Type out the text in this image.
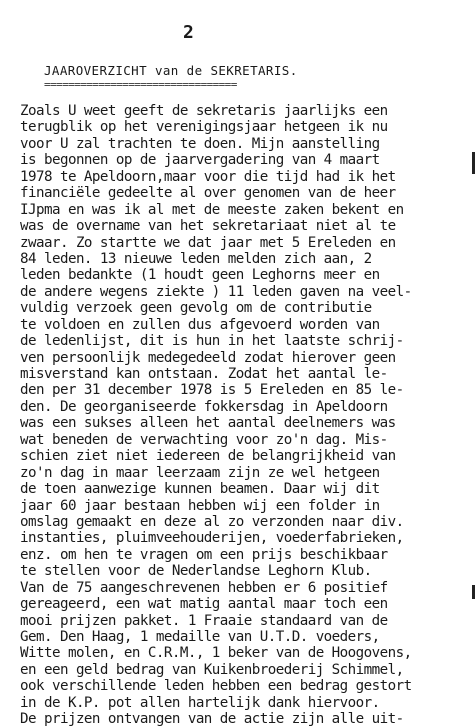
2
JAAROVERZICHT van de SEKRETARIS.
================================
Zoals U weet geeft de sekretaris jaarlijks een
terugblik op het verenigingsjaar hetgeen ik nu
voor U zal trachten te doen. Mijn aanstelling
is begonnen op de jaarvergadering van 4 maart
1978 te Apeldoorn,maar voor die tijd had ik het
financiële gedeelte al over genomen van de heer
IJpma en was ik al met de meeste zaken bekent en
was de overname van het sekretariaat niet al te
zwaar. Zo startte we dat jaar met 5 Ereleden en
84 leden. 13 nieuwe leden melden zich aan, 2
leden bedankte (1 houdt geen Leghorns meer en
de andere wegens ziekte ) 11 leden gaven na veel-
vuldig verzoek geen gevolg om de contributie
te voldoen en zullen dus afgevoerd worden van
de ledenlijst, dit is hun in het laatste schrij-
ven persoonlijk medegedeeld zodat hierover geen
misverstand kan ontstaan. Zodat het aantal le-
den per 31 december 1978 is 5 Ereleden en 85 le-
den. De georganiseerde fokkersdag in Apeldoorn
was een sukses alleen het aantal deelnemers was
wat beneden de verwachting voor zo'n dag. Mis-
schien ziet niet iedereen de belangrijkheid van
zo'n dag in maar leerzaam zijn ze wel hetgeen
de toen aanwezige kunnen beamen. Daar wij dit
jaar 60 jaar bestaan hebben wij een folder in
omslag gemaakt en deze al zo verzonden naar div.
instanties, pluimveehouderijen, voederfabrieken,
enz. om hen te vragen om een prijs beschikbaar
te stellen voor de Nederlandse Leghorn Klub.
Van de 75 aangeschrevenen hebben er 6 positief
gereageerd, een wat matig aantal maar toch een
mooi prijzen pakket. 1 Fraaie standaard van de
Gem. Den Haag, 1 medaille van U.T.D. voeders,
Witte molen, en C.R.M., 1 beker van de Hoogovens,
en een geld bedrag van Kuikenbroederij Schimmel,
ook verschillende leden hebben een bedrag gestort
in de K.P. pot allen hartelijk dank hiervoor.
De prijzen ontvangen van de actie zijn alle uit-
